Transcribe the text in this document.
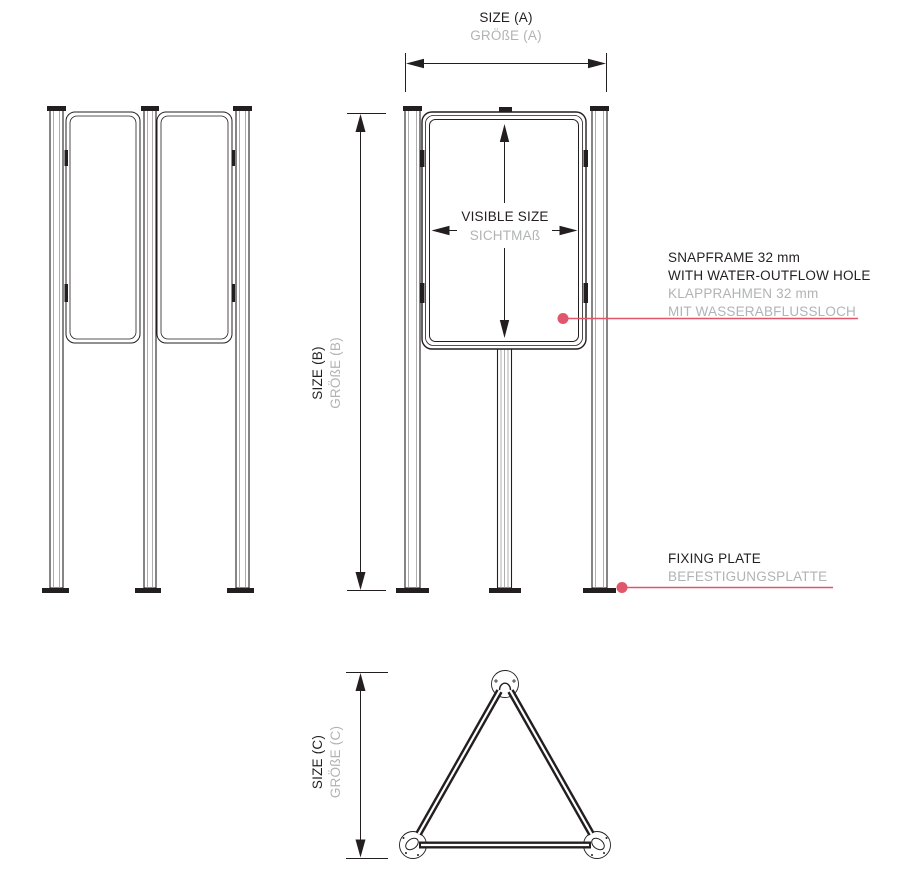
SIZE (A)
GRÖßE (A)
SIZE (B) GRÖßE (B)
SIZE (C) GRÖßE (C)
VISIBLE SIZE
SICHTMAß
SNAPFRAME 32 mm
WITH WATER-OUTFLOW HOLE
KLAPPRAHMEN 32 mm
MIT WASSERABFLUSSLOCH
FIXING PLATE
BEFESTIGUNGSPLATTE
